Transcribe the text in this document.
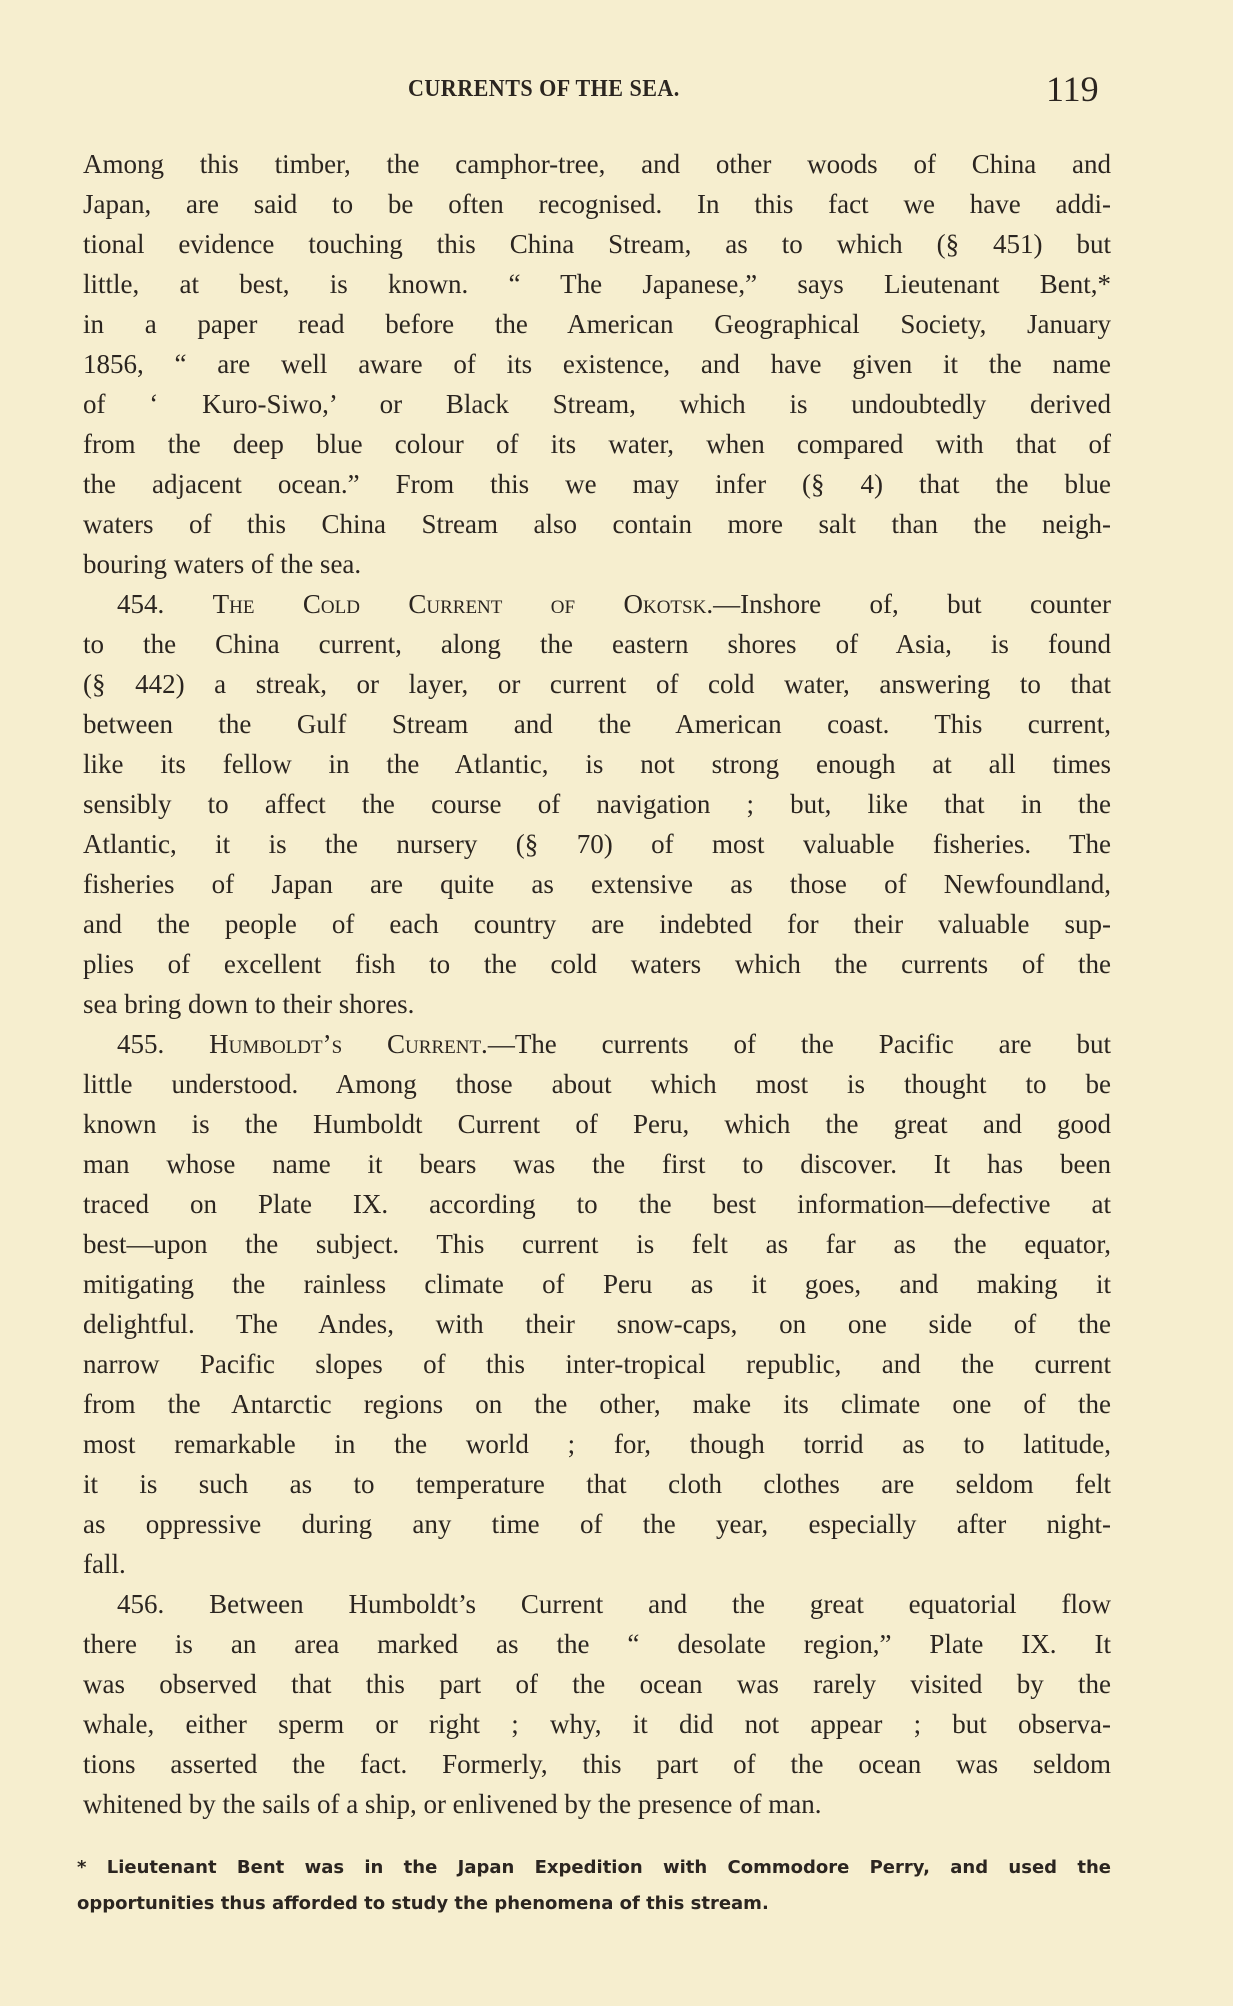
CURRENTS OF THE SEA.	119
Among this timber, the camphor-tree, and other woods of China and
Japan, are said to be often recognised. In this fact we have addi-
tional evidence touching this China Stream, as to which (§ 451) but
little, at best, is known. “ The Japanese,” says Lieutenant Bent,*
in a paper read before the American Geographical Society, January
1856, “ are well aware of its existence, and have given it the name
of ‘ Kuro-Siwo,’ or Black Stream, which is undoubtedly derived
from the deep blue colour of its water, when compared with that of
the adjacent ocean.” From this we may infer (§ 4) that the blue
waters of this China Stream also contain more salt than the neigh-
bouring waters of the sea.
454. The Cold Current of Okotsk.—Inshore of, but counter
to the China current, along the eastern shores of Asia, is found
(§ 442) a streak, or layer, or current of cold water, answering to that
between the Gulf Stream and the American coast. This current,
like its fellow in the Atlantic, is not strong enough at all times
sensibly to affect the course of navigation ; but, like that in the
Atlantic, it is the nursery (§ 70) of most valuable fisheries. The
fisheries of Japan are quite as extensive as those of Newfoundland,
and the people of each country are indebted for their valuable sup-
plies of excellent fish to the cold waters which the currents of the
sea bring down to their shores.
455. Humboldt’s Current.—The currents of the Pacific are but
little understood. Among those about which most is thought to be
known is the Humboldt Current of Peru, which the great and good
man whose name it bears was the first to discover. It has been
traced on Plate IX. according to the best information—defective at
best—upon the subject. This current is felt as far as the equator,
mitigating the rainless climate of Peru as it goes, and making it
delightful. The Andes, with their snow-caps, on one side of the
narrow Pacific slopes of this inter-tropical republic, and the current
from the Antarctic regions on the other, make its climate one of the
most remarkable in the world ; for, though torrid as to latitude,
it is such as to temperature that cloth clothes are seldom felt
as oppressive during any time of the year, especially after night-
fall.
456. Between Humboldt’s Current and the great equatorial flow
there is an area marked as the “ desolate region,” Plate IX. It
was observed that this part of the ocean was rarely visited by the
whale, either sperm or right ; why, it did not appear ; but observa-
tions asserted the fact. Formerly, this part of the ocean was seldom
whitened by the sails of a ship, or enlivened by the presence of man.
* Lieutenant Bent was in the Japan Expedition with Commodore Perry, and used the
opportunities thus afforded to study the phenomena of this stream.
